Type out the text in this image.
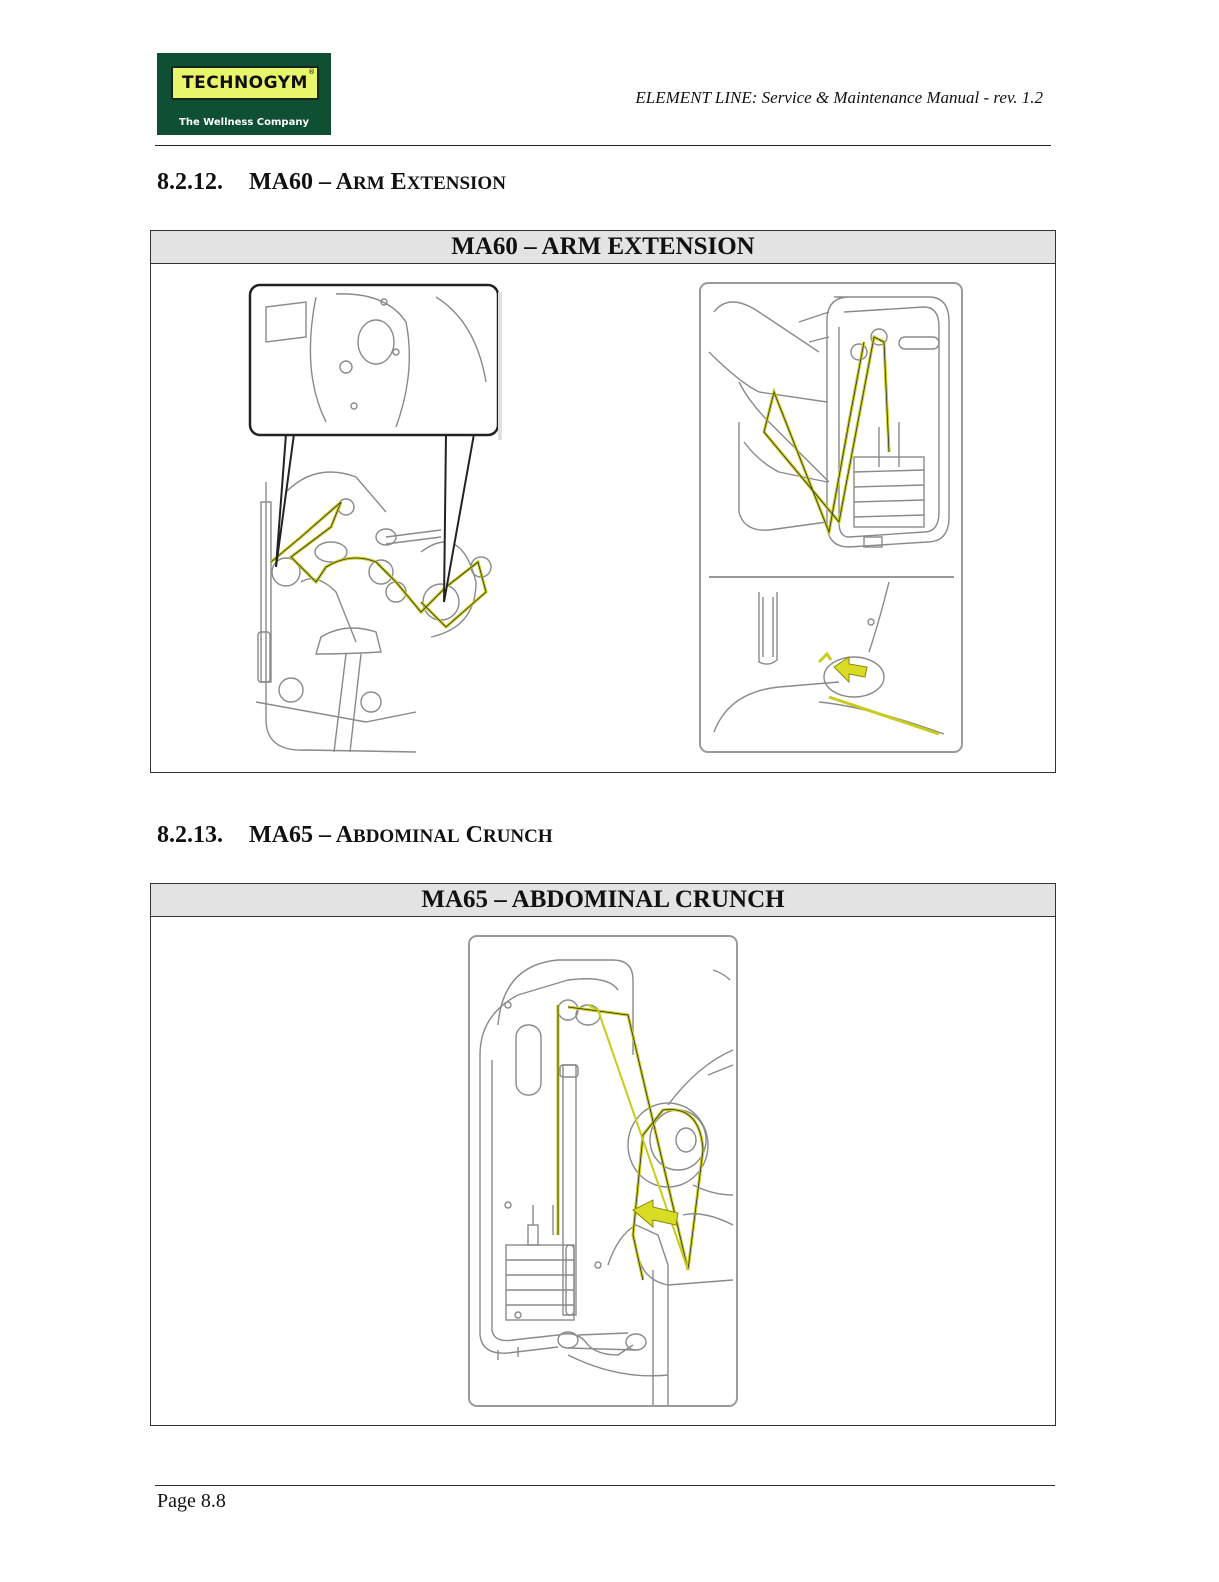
TECHNOGYM
®
The Wellness Company
ELEMENT LINE: Service & Maintenance Manual - rev. 1.2
8.2.12. MA60 – ARM EXTENSION
MA60 – ARM EXTENSION
8.2.13. MA65 – ABDOMINAL CRUNCH
MA65 – ABDOMINAL CRUNCH
Page 8.8
